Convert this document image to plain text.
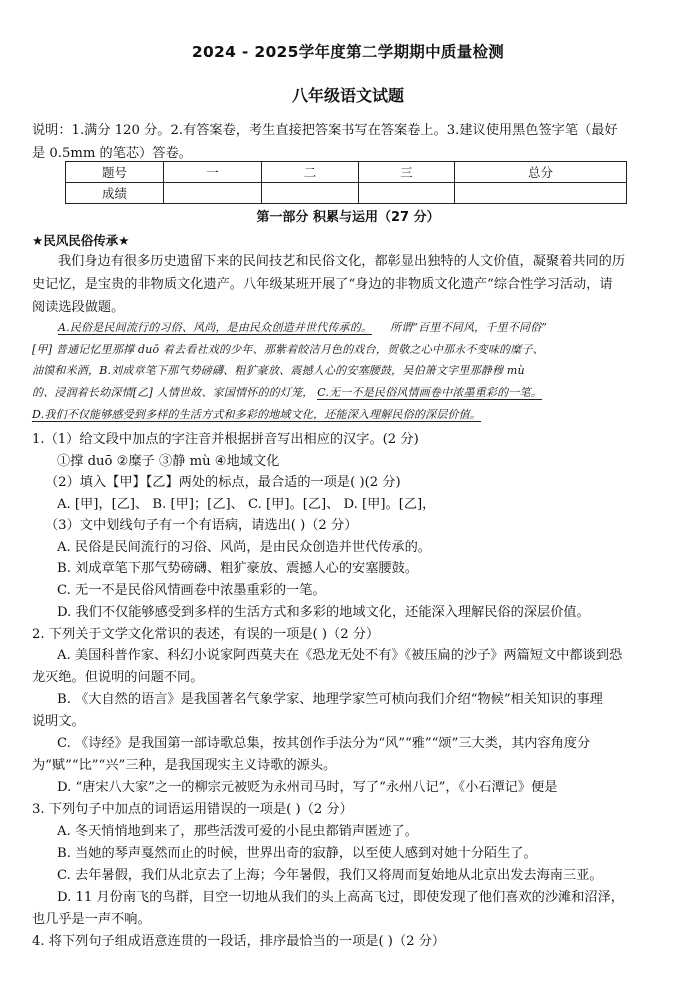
2024 - 2025学年度第二学期期中质量检测
八年级语文试题
说明：1.满分 120 分。2.有答案卷，考生直接把答案书写在答案卷上。3.建议使用黑色签字笔（最好
是 0.5mm 的笔芯）答卷。
题号	一	二	三	总分
成绩				
第一部分 积累与运用（27 分）
★民风民俗传承★
我们身边有很多历史遗留下来的民间技艺和民俗文化，都彰显出独特的人文价值，凝聚着共同的历
史记忆，是宝贵的非物质文化遗产。八年级某班开展了“身边的非物质文化遗产”综合性学习活动，请
阅读选段做题。
A.民俗是民间流行的习俗、风尚，是由民众创造并世代传承的。 所谓“百里不同风，千里不同俗”
[甲] 普通记忆里那撑 duō 着去看社戏的少年、那紫着皎洁月色的戏台，贺敬之心中那永不变味的糜子、
油馍和米酒，B.刘成章笔下那气势磅礴、粗犷豪放、震撼人心的安塞腰鼓，吴伯箫文字里那静穆 mù
的、浸润着长幼深情[乙] 人情世故、家国情怀的的灯笼， C.无一不是民俗风情画卷中浓墨重彩的一笔。
D.我们不仅能够感受到多样的生活方式和多彩的地域文化，还能深入理解民俗的深层价值。
1.（1）给文段中加点的字注音并根据拼音写出相应的汉字。(2 分)
①撑 duō ②糜子 ③静 mù ④地域文化
（2）填入【甲】【乙】两处的标点，最合适的一项是( )(2 分)
A. [甲]，[乙]、 B. [甲]；[乙]、 C. [甲]。[乙]、 D. [甲]。[乙]，
（3）文中划线句子有一个有语病，请选出( )（2 分）
A. 民俗是民间流行的习俗、风尚，是由民众创造并世代传承的。
B. 刘成章笔下那气势磅礴、粗犷豪放、震撼人心的安塞腰鼓。
C. 无一不是民俗风情画卷中浓墨重彩的一笔。
D. 我们不仅能够感受到多样的生活方式和多彩的地域文化，还能深入理解民俗的深层价值。
2. 下列关于文学文化常识的表述，有误的一项是( )（2 分）
A. 美国科普作家、科幻小说家阿西莫夫在《恐龙无处不有》《被压扁的沙子》两篇短文中都谈到恐
龙灭绝。但说明的问题不同。
B. 《大自然的语言》是我国著名气象学家、地理学家竺可桢向我们介绍“物候”相关知识的事理
说明文。
C. 《诗经》是我国第一部诗歌总集，按其创作手法分为“风”“雅”“颂”三大类，其内容角度分
为“赋”“比”“兴”三种，是我国现实主义诗歌的源头。
D. “唐宋八大家”之一的柳宗元被贬为永州司马时，写了“永州八记”，《小石潭记》便是
3. 下列句子中加点的词语运用错误的一项是( )（2 分）
A. 冬天悄悄地到来了，那些活泼可爱的小昆虫都销声匿迹了。
B. 当她的琴声戛然而止的时候，世界出奇的寂静，以至使人感到对她十分陌生了。
C. 去年暑假，我们从北京去了上海；今年暑假，我们又将周而复始地从北京出发去海南三亚。
D. 11 月份南飞的鸟群，目空一切地从我们的头上高高飞过，即使发现了他们喜欢的沙滩和沼泽，
也几乎是一声不响。
4. 将下列句子组成语意连贯的一段话，排序最恰当的一项是( )（2 分）
